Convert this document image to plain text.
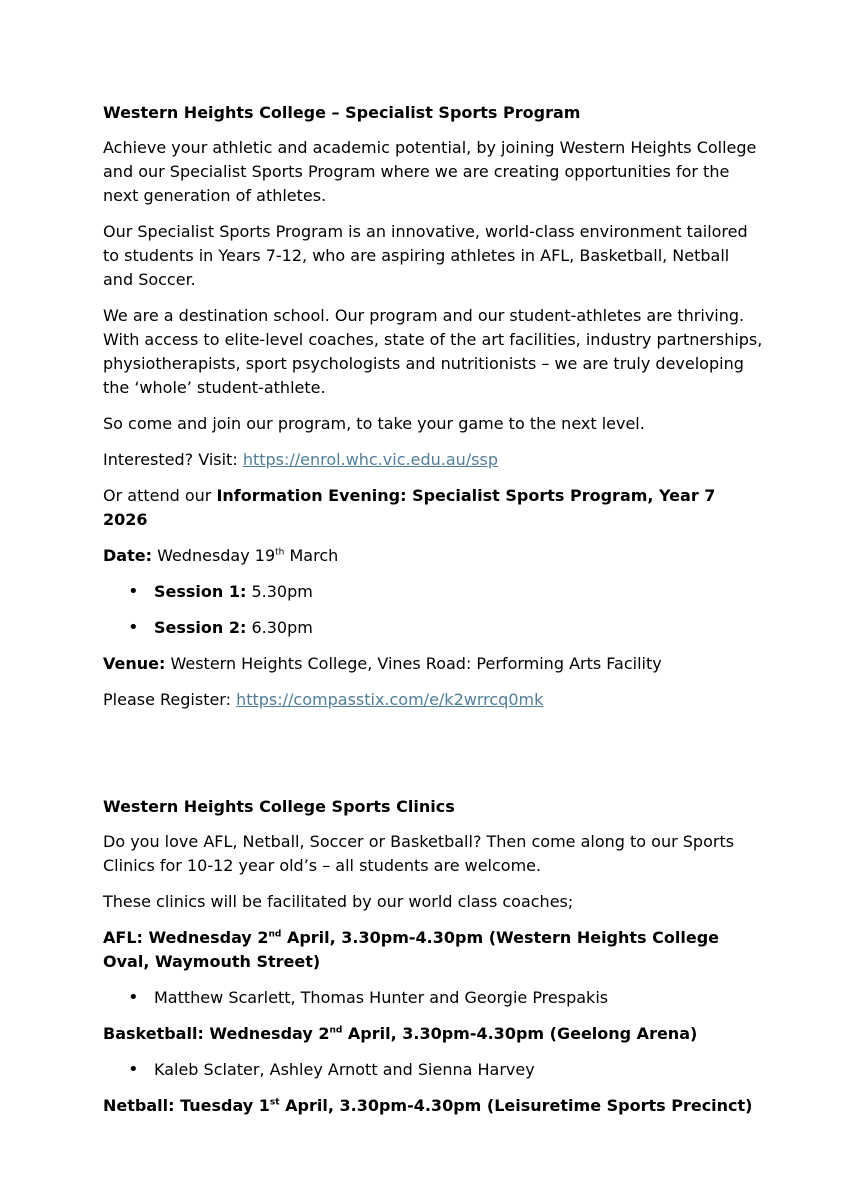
Western Heights College – Specialist Sports Program

Achieve your athletic and academic potential, by joining Western Heights College and our Specialist Sports Program where we are creating opportunities for the next generation of athletes.

Our Specialist Sports Program is an innovative, world-class environment tailored to students in Years 7-12, who are aspiring athletes in AFL, Basketball, Netball and Soccer.

We are a destination school. Our program and our student-athletes are thriving. With access to elite-level coaches, state of the art facilities, industry partnerships, physiotherapists, sport psychologists and nutritionists – we are truly developing the ‘whole’ student-athlete.

So come and join our program, to take your game to the next level.

Interested? Visit: https://enrol.whc.vic.edu.au/ssp

Or attend our Information Evening: Specialist Sports Program, Year 7 2026

Date: Wednesday 19th March

• Session 1: 5.30pm
• Session 2: 6.30pm

Venue: Western Heights College, Vines Road: Performing Arts Facility

Please Register: https://compasstix.com/e/k2wrrcq0mk

Western Heights College Sports Clinics

Do you love AFL, Netball, Soccer or Basketball? Then come along to our Sports Clinics for 10-12 year old’s – all students are welcome.

These clinics will be facilitated by our world class coaches;

AFL: Wednesday 2nd April, 3.30pm-4.30pm (Western Heights College Oval, Waymouth Street)

• Matthew Scarlett, Thomas Hunter and Georgie Prespakis

Basketball: Wednesday 2nd April, 3.30pm-4.30pm (Geelong Arena)

• Kaleb Sclater, Ashley Arnott and Sienna Harvey

Netball: Tuesday 1st April, 3.30pm-4.30pm (Leisuretime Sports Precinct)
